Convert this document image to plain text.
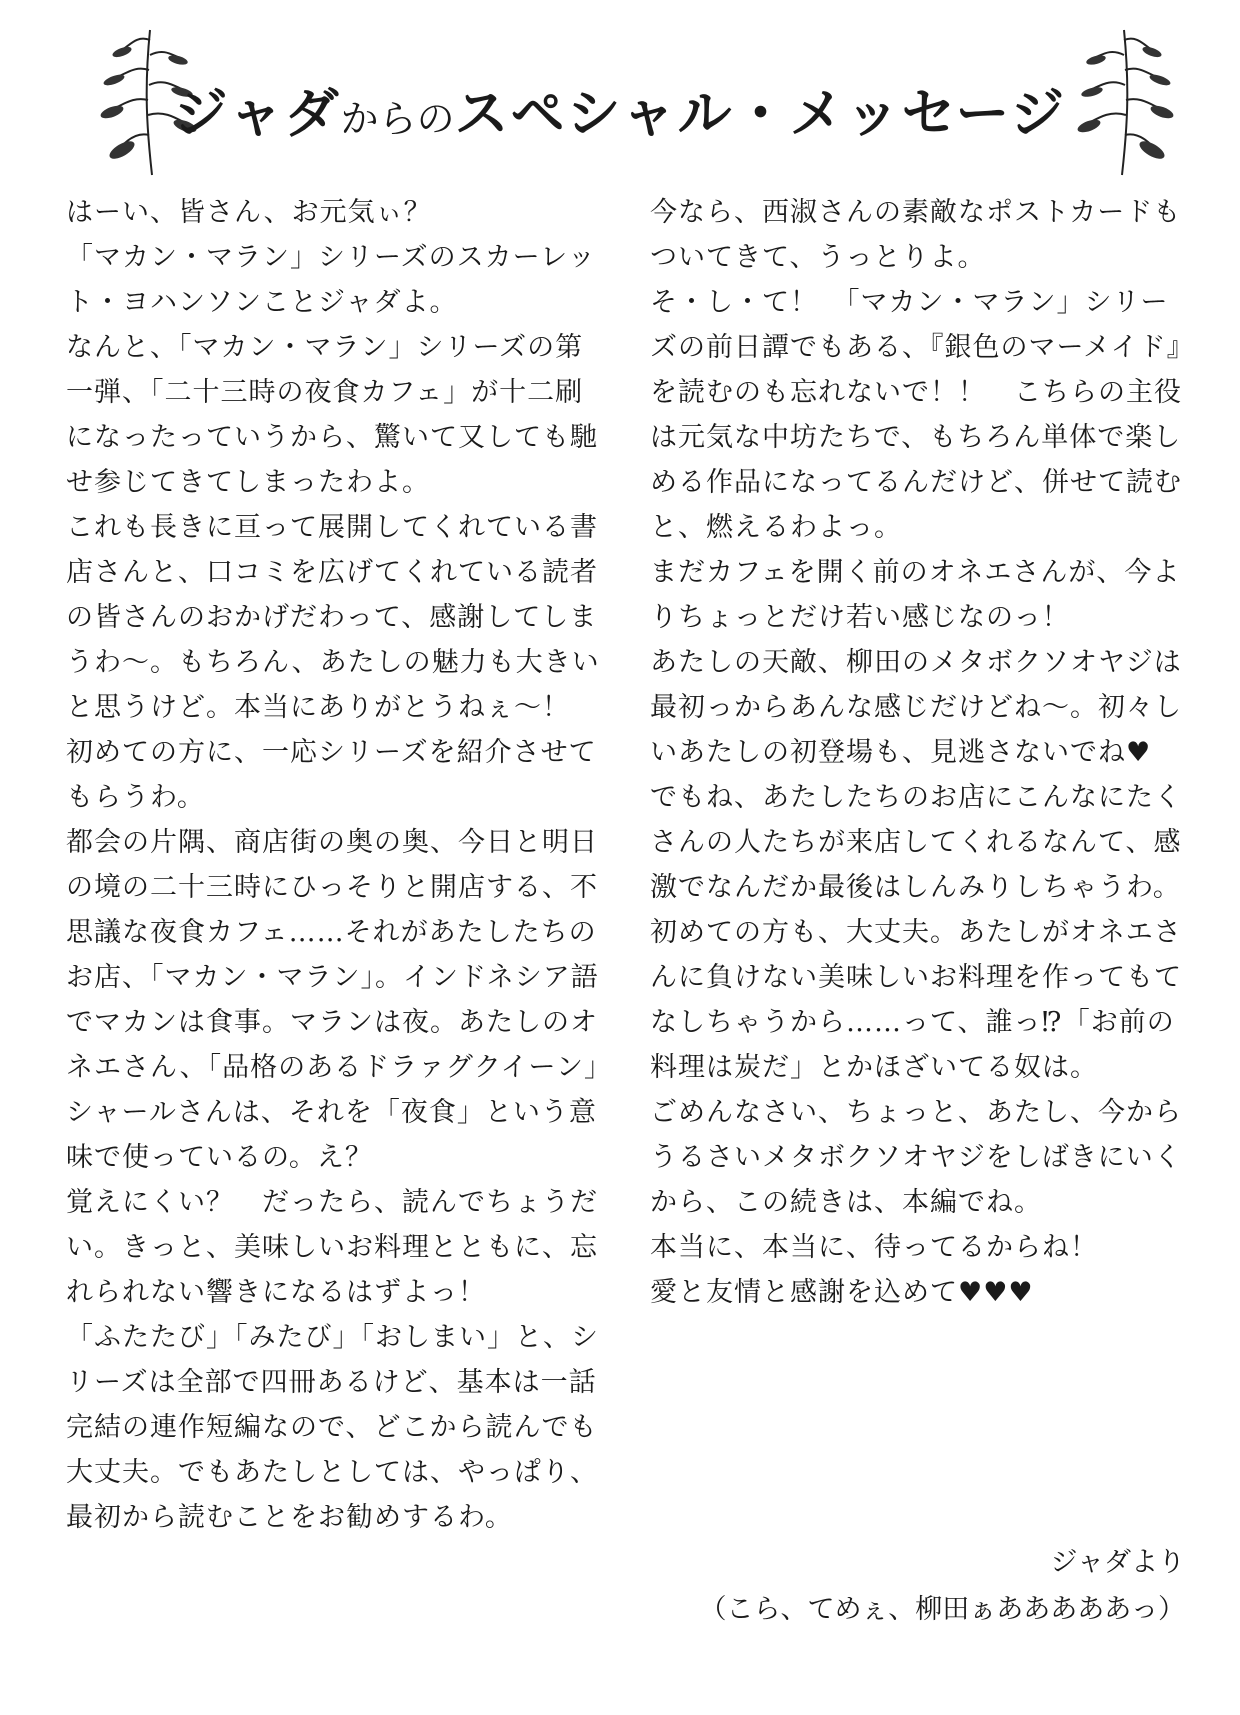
ジャダからのスペシャル・メッセージ

はーい、皆さん、お元気ぃ？

「マカン・マラン」シリーズのスカーレット・ヨハンソンことジャダよ。

なんと、「マカン・マラン」シリーズの第一弾、「二十三時の夜食カフェ」が十二刷になったっていうから、驚いて又しても馳せ参じてきてしまったわよ。

これも長きに亘って展開してくれている書店さんと、口コミを広げてくれている読者の皆さんのおかげだわって、感謝してしまうわ〜。もちろん、あたしの魅力も大きいと思うけど。本当にありがとうねぇ〜！

初めての方に、一応シリーズを紹介させてもらうわ。

都会の片隅、商店街の奥の奥、今日と明日の境の二十三時にひっそりと開店する、不思議な夜食カフェ……それがあたしたちのお店、「マカン・マラン」。インドネシア語でマカンは食事。マランは夜。あたしのオネエさん、「品格のあるドラァグクイーン」シャールさんは、それを「夜食」という意味で使っているの。え？

覚えにくい？　だったら、読んでちょうだい。きっと、美味しいお料理とともに、忘れられない響きになるはずよっ！

「ふたたび」「みたび」「おしまい」と、シリーズは全部で四冊あるけど、基本は一話完結の連作短編なので、どこから読んでも大丈夫。でもあたしとしては、やっぱり、最初から読むことをお勧めするわ。

今なら、西淑さんの素敵なポストカードもついてきて、うっとりよ。

そ・し・て！　「マカン・マラン」シリーズの前日譚でもある、『銀色のマーメイド』を読むのも忘れないで！！　こちらの主役は元気な中坊たちで、もちろん単体で楽しめる作品になってるんだけど、併せて読むと、燃えるわよっ。

まだカフェを開く前のオネエさんが、今よりちょっとだけ若い感じなのっ！

あたしの天敵、柳田のメタボクソオヤジは最初っからあんな感じだけどね〜。初々しいあたしの初登場も、見逃さないでね♥

でもね、あたしたちのお店にこんなにたくさんの人たちが来店してくれるなんて、感激でなんだか最後はしんみりしちゃうわ。

初めての方も、大丈夫。あたしがオネエさんに負けない美味しいお料理を作ってもてなしちゃうから……って、誰っ⁉「お前の料理は炭だ」とかほざいてる奴は。

ごめんなさい、ちょっと、あたし、今からうるさいメタボクソオヤジをしばきにいくから、この続きは、本編でね。

本当に、本当に、待ってるからね！

愛と友情と感謝を込めて♥♥♥

ジャダより
（こら、てめぇ、柳田ぁあああああっ）
